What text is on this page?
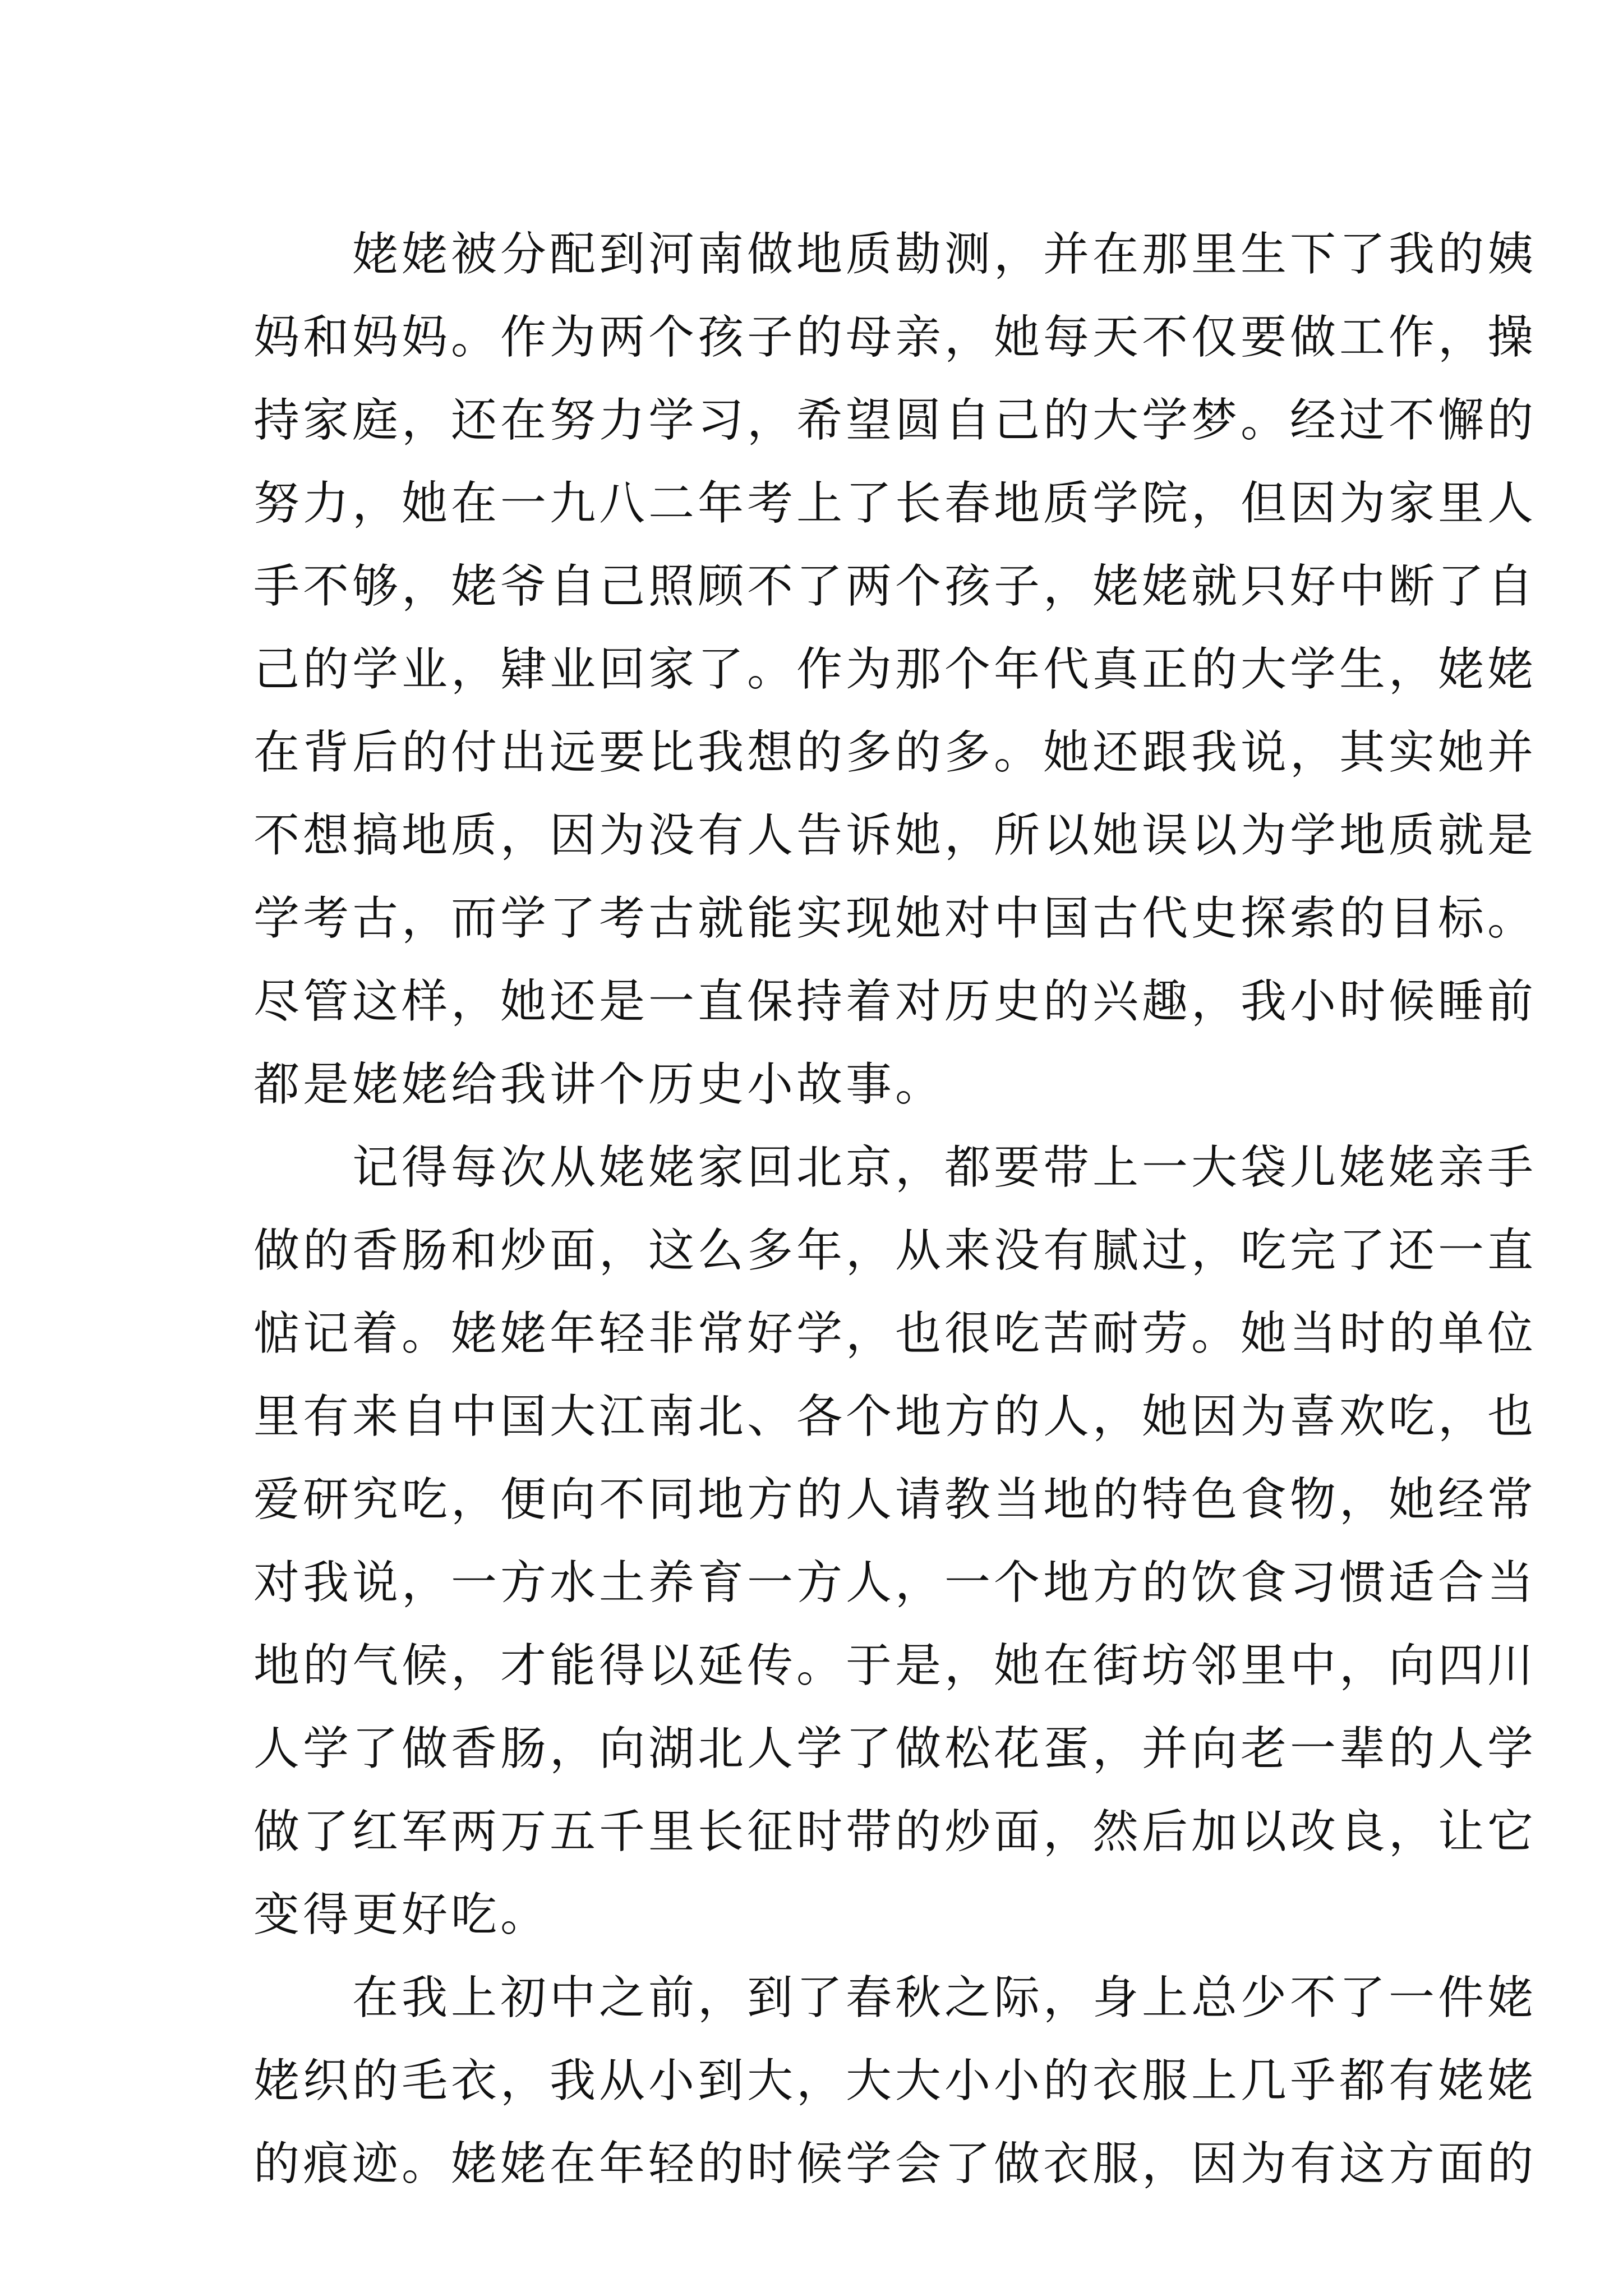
　　姥姥被分配到河南做地质勘测，并在那里生下了我的姨
妈和妈妈。作为两个孩子的母亲，她每天不仅要做工作，操
持家庭，还在努力学习，希望圆自己的大学梦。经过不懈的
努力，她在一九八二年考上了长春地质学院，但因为家里人
手不够，姥爷自己照顾不了两个孩子，姥姥就只好中断了自
己的学业，肄业回家了。作为那个年代真正的大学生，姥姥
在背后的付出远要比我想的多的多。她还跟我说，其实她并
不想搞地质，因为没有人告诉她，所以她误以为学地质就是
学考古，而学了考古就能实现她对中国古代史探索的目标。
尽管这样，她还是一直保持着对历史的兴趣，我小时候睡前
都是姥姥给我讲个历史小故事。
　　记得每次从姥姥家回北京，都要带上一大袋儿姥姥亲手
做的香肠和炒面，这么多年，从来没有腻过，吃完了还一直
惦记着。姥姥年轻非常好学，也很吃苦耐劳。她当时的单位
里有来自中国大江南北、各个地方的人，她因为喜欢吃，也
爱研究吃，便向不同地方的人请教当地的特色食物，她经常
对我说，一方水土养育一方人，一个地方的饮食习惯适合当
地的气候，才能得以延传。于是，她在街坊邻里中，向四川
人学了做香肠，向湖北人学了做松花蛋，并向老一辈的人学
做了红军两万五千里长征时带的炒面，然后加以改良，让它
变得更好吃。
　　在我上初中之前，到了春秋之际，身上总少不了一件姥
姥织的毛衣，我从小到大，大大小小的衣服上几乎都有姥姥
的痕迹。姥姥在年轻的时候学会了做衣服，因为有这方面的
